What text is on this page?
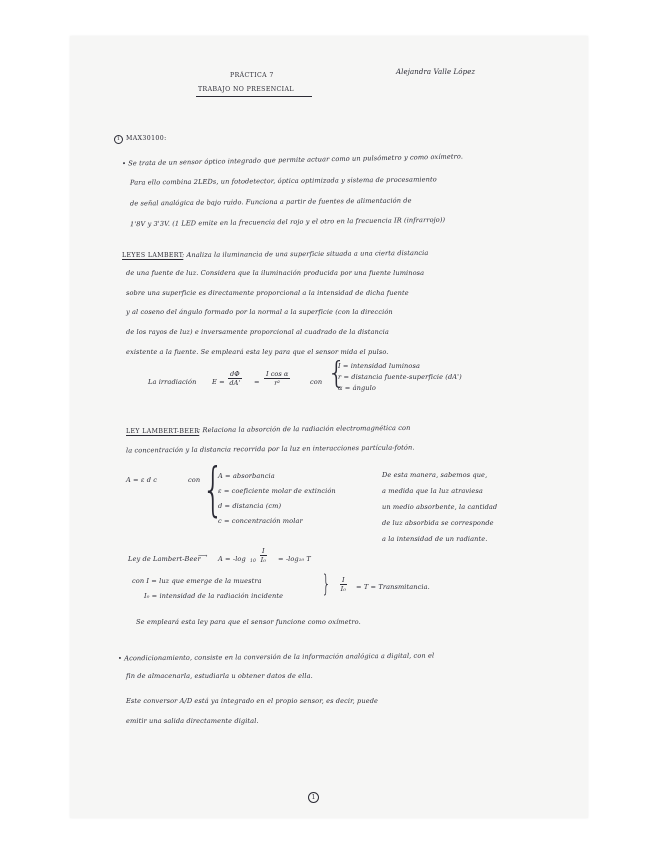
PRÁCTICA 7
TRABAJO NO PRESENCIAL
Alejandra Valle López
1 MAX30100:
• Se trata de un sensor óptico integrado que permite actuar como un pulsómetro y como oxímetro.
Para ello combina 2LEDs, un fotodetector, óptica optimizada y sistema de procesamiento
de señal analógica de bajo ruido. Funciona a partir de fuentes de alimentación de
1'8V y 3'3V. (1 LED emite en la frecuencia del rojo y el otro en la frecuencia IR (infrarrojo))
LEYES LAMBERT
: Analiza la iluminancia de una superficie situada a una cierta distancia
de una fuente de luz. Considera que la iluminación producida por una fuente luminosa
sobre una superficie es directamente proporcional a la intensidad de dicha fuente
y al coseno del ángulo formado por la normal a la superficie (con la dirección
de los rayos de luz) e inversamente proporcional al cuadrado de la distancia
existente a la fuente. Se empleará esta ley para que el sensor mida el pulso.
La irradiación $E = \frac{d\Phi}{dA'} = \frac{\text{I cos α}}{\text{r²}}$	con {
I = intensidad luminosa
r = distancia fuente-superficie (dA')
α = ángulo
LEY LAMBERT-BEER
: Relaciona la absorción de la radiación electromagnética con
la concentración y la distancia recorrida por la luz en interacciones partícula-fotón.
A = ε d c	con {
A = absorbancia
ε = coeficiente molar de extinción
d = distancia (cm)
c = concentración molar
De esta manera, sabemos que,
a medida que la luz atraviesa
un medio absorbente, la cantidad
de luz absorbida se corresponde
a la intensidad de un radiante.
Ley de Lambert-Beer
⟶ A = -log $10 \frac{I}{\text{I₀}} = -\log_{10}$ T
con I = luz que emerge de la muestra
I₀ = intensidad de la radiación incidente { $\frac{I}{\text{I₀}} = T$ = Transmitancia.
Se empleará esta ley para que el sensor funcione como oxímetro.
• Acondicionamiento, consiste en la conversión de la información analógica a digital, con el
fin de almacenarla, estudiarla u obtener datos de ella.
Este conversor A/D está ya integrado en el propio sensor, es decir, puede
emitir una salida directamente digital.
1
